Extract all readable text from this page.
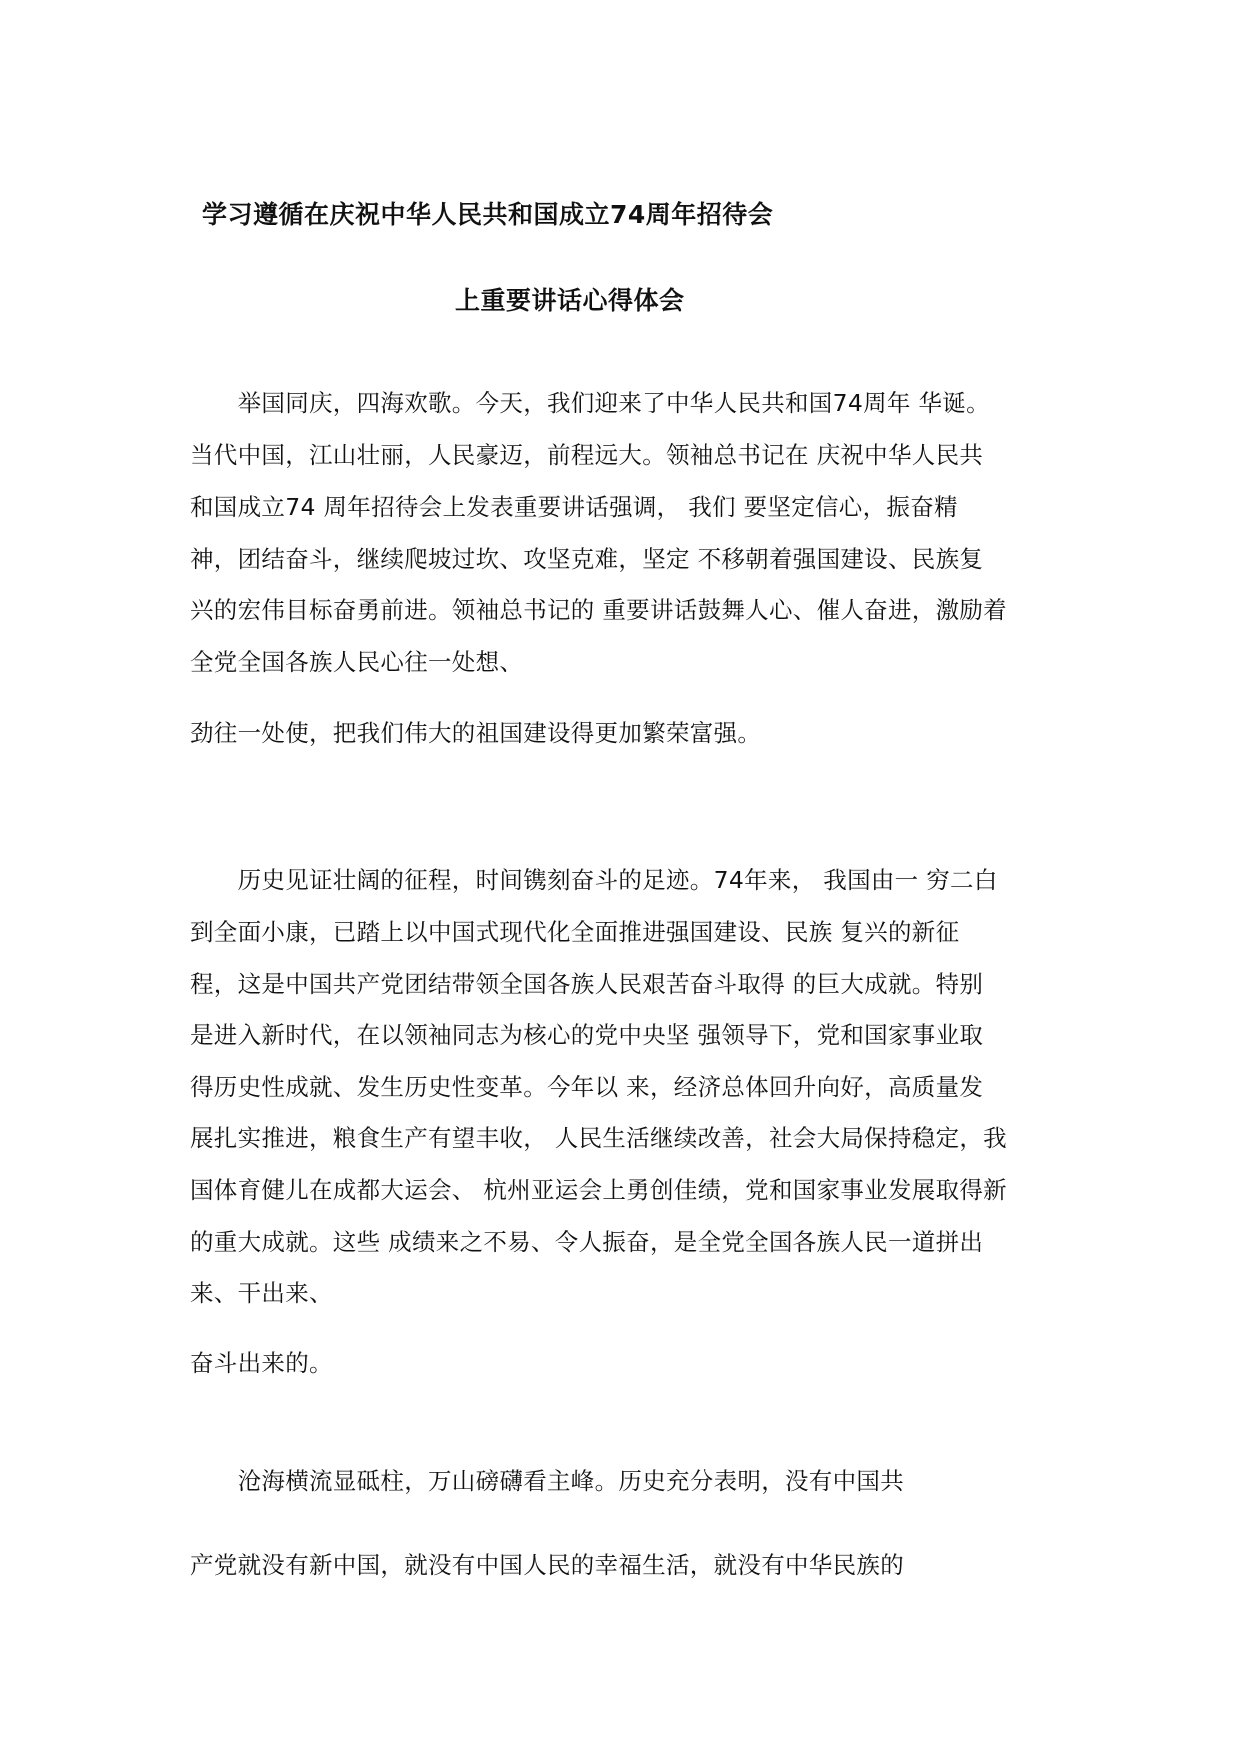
学习遵循在庆祝中华人民共和国成立74周年招待会
上重要讲话心得体会
　　举国同庆，四海欢歌。今天，我们迎来了中华人民共和国74周年 华诞。
当代中国，江山壮丽，人民豪迈，前程远大。领袖总书记在 庆祝中华人民共
和国成立74 周年招待会上发表重要讲话强调， 我们 要坚定信心，振奋精
神，团结奋斗，继续爬坡过坎、攻坚克难，坚定 不移朝着强国建设、民族复
兴的宏伟目标奋勇前进。领袖总书记的 重要讲话鼓舞人心、催人奋进，激励着
全党全国各族人民心往一处想、
劲往一处使，把我们伟大的祖国建设得更加繁荣富强。
　　历史见证壮阔的征程，时间镌刻奋斗的足迹。74年来， 我国由一 穷二白
到全面小康，已踏上以中国式现代化全面推进强国建设、民族 复兴的新征
程，这是中国共产党团结带领全国各族人民艰苦奋斗取得 的巨大成就。特别
是进入新时代，在以领袖同志为核心的党中央坚 强领导下，党和国家事业取
得历史性成就、发生历史性变革。今年以 来，经济总体回升向好，高质量发
展扎实推进，粮食生产有望丰收， 人民生活继续改善，社会大局保持稳定，我
国体育健儿在成都大运会、 杭州亚运会上勇创佳绩，党和国家事业发展取得新
的重大成就。这些 成绩来之不易、令人振奋，是全党全国各族人民一道拼出
来、干出来、
奋斗出来的。
　　沧海横流显砥柱，万山磅礴看主峰。历史充分表明，没有中国共
产党就没有新中国，就没有中国人民的幸福生活，就没有中华民族的
